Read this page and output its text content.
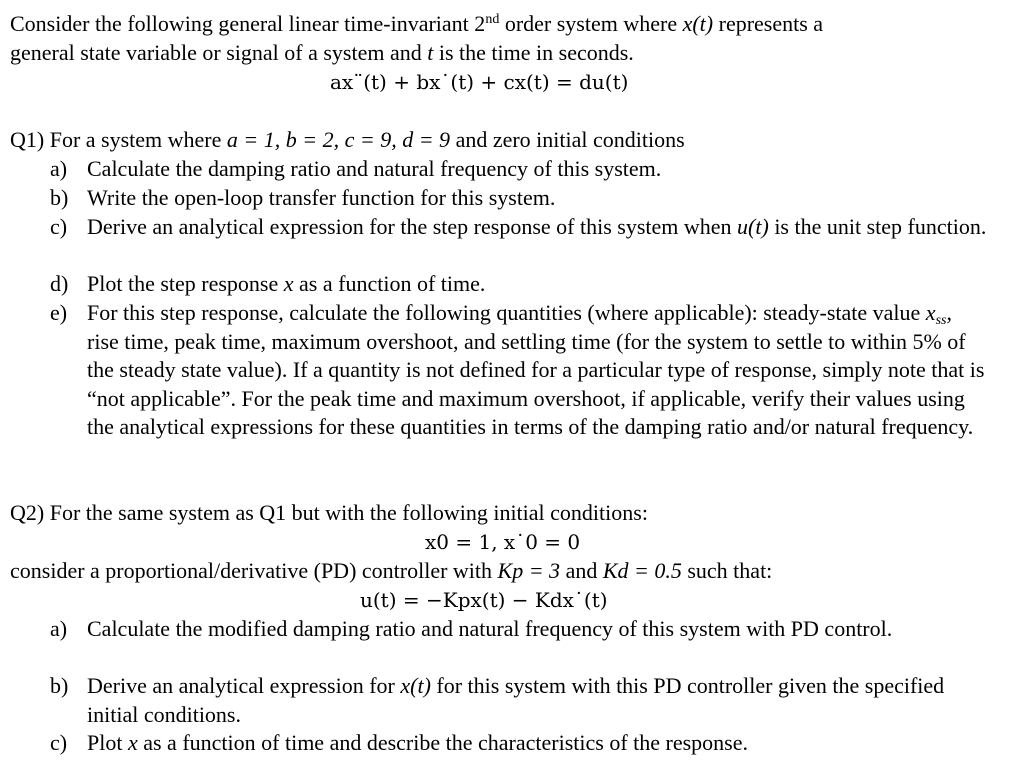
Consider the following general linear time-invariant 2nd order system where x(t) represents a
general state variable or signal of a system and t is the time in seconds.
ax¨(t) + bx˙(t) + cx(t) = du(t)
Q1) For a system where a = 1, b = 2, c = 9, d = 9 and zero initial conditions
a) Calculate the damping ratio and natural frequency of this system.
b) Write the open-loop transfer function for this system.
c) Derive an analytical expression for the step response of this system when u(t) is the unit step function.
d) Plot the step response x as a function of time.
e) For this step response, calculate the following quantities (where applicable): steady-state value $x_{ss}$, rise time, peak time, maximum overshoot, and settling time (for the system to settle to within 5% of the steady state value). If a quantity is not defined for a particular type of response, simply note that is “not applicable”. For the peak time and maximum overshoot, if applicable, verify their values using the analytical expressions for these quantities in terms of the damping ratio and/or natural frequency.
Q2) For the same system as Q1 but with the following initial conditions:
x0 = 1, x˙0 = 0
consider a proportional/derivative (PD) controller with Kp = 3 and Kd = 0.5 such that:
u(t) = −Kpx(t) − Kdx˙(t)
a) Calculate the modified damping ratio and natural frequency of this system with PD control.
b) Derive an analytical expression for x(t) for this system with this PD controller given the specified initial conditions.
c) Plot x as a function of time and describe the characteristics of the response.
